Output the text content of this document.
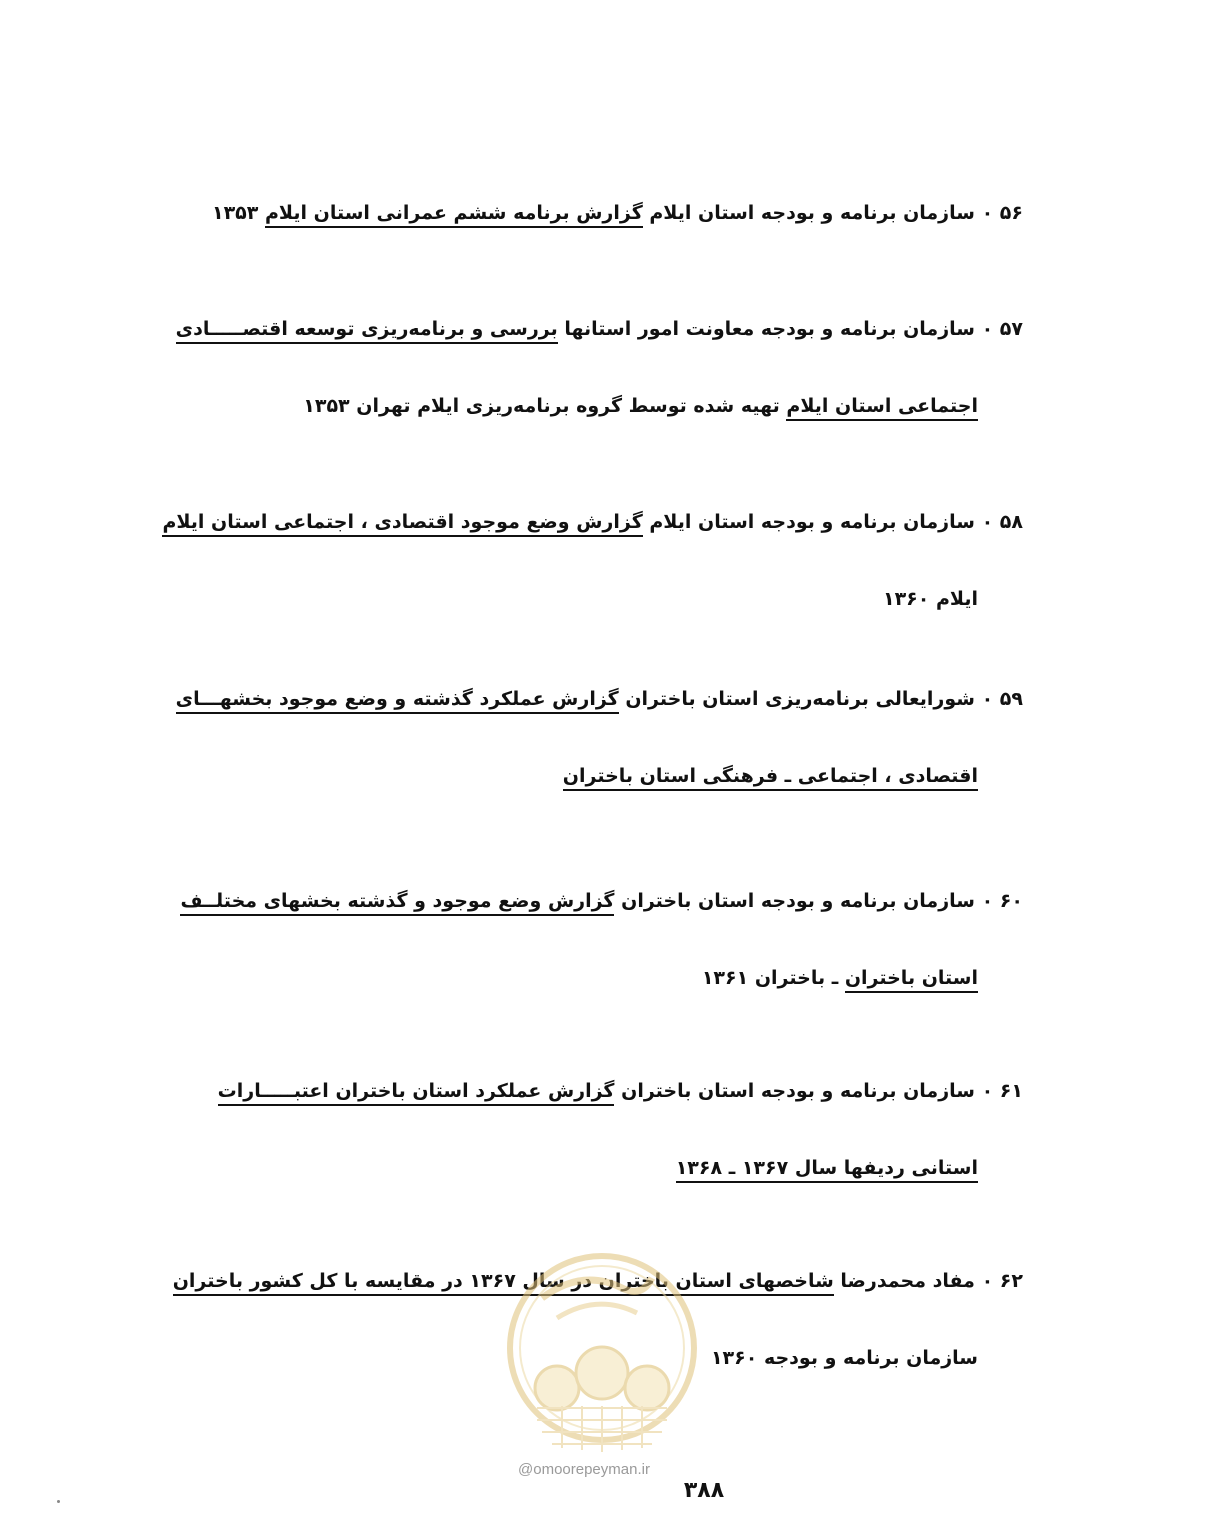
۵۶ ۰ سازمان برنامه و بودجه استان ایلام گزارش برنامه ششم عمرانی استان ایلام ۱۳۵۳
۵۷ ۰ سازمان برنامه و بودجه معاونت امور استانها بررسی و برنامه‌ریزی توسعه اقتصـــــادی
اجتماعی استان ایلام تهیه شده توسط گروه برنامه‌ریزی ایلام تهران ۱۳۵۳
۵۸ ۰ سازمان برنامه و بودجه استان ایلام گزارش وضع موجود اقتصادی ، اجتماعی استان ایلام
ایلام ۱۳۶۰
۵۹ ۰ شورایعالی برنامه‌ریزی استان باختران گزارش عملکرد گذشته و وضع موجود بخشهـــای
اقتصادی ، اجتماعی ـ فرهنگی استان باختران
۶۰ ۰ سازمان برنامه و بودجه استان باختران گزارش وضع موجود و گذشته بخشهای مختلــف
استان باختران ـ باختران ۱۳۶۱
۶۱ ۰ سازمان برنامه و بودجه استان باختران گزارش عملکرد استان باختران اعتبـــــارات
استانی ردیفها سال ۱۳۶۷ ـ ۱۳۶۸
۶۲ ۰ مفاد محمدرضا شاخصهای استان باختران در سال ۱۳۶۷ در مقایسه با کل کشور باختران
سازمان برنامه و بودجه ۱۳۶۰
@omoorepeyman.ir
۳۸۸
